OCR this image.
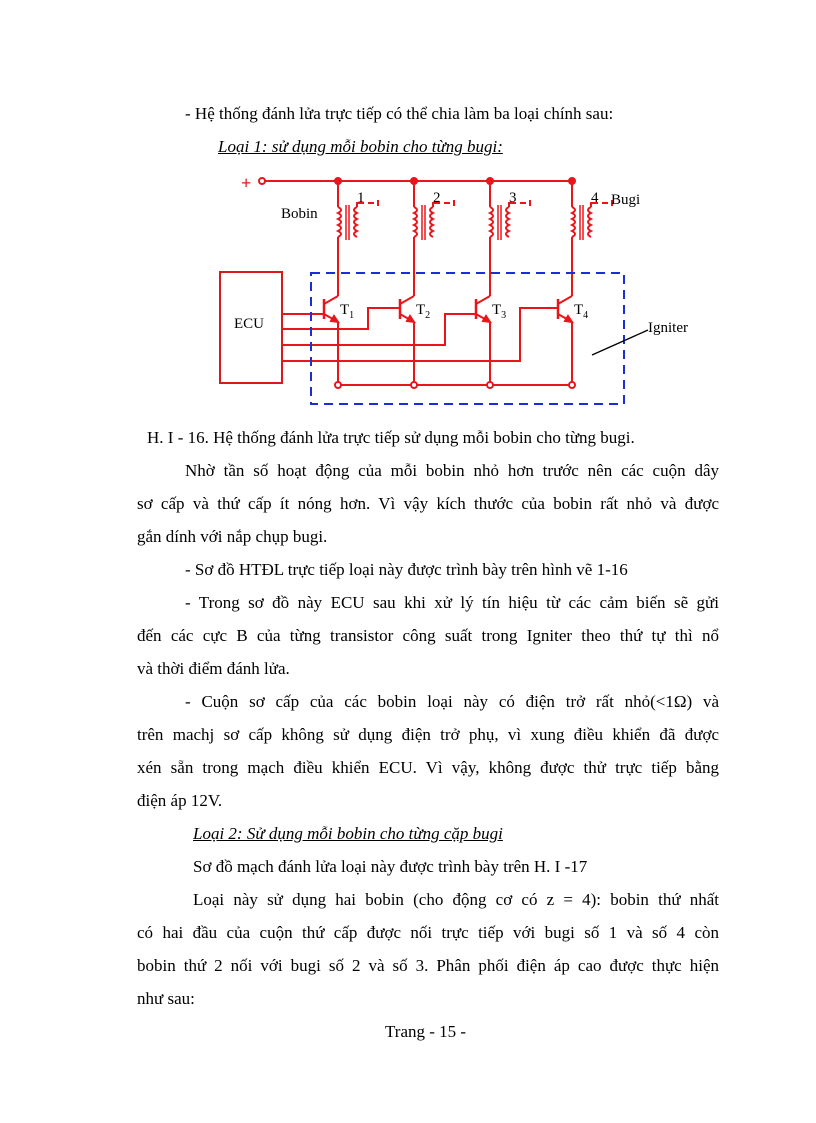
- Hệ thống đánh lửa trực tiếp có thể chia làm ba loại chính sau:
Loại 1: sử dụng mỗi bobin cho từng bugi:
+
Bobin
Bugi
ECU	Igniter
1
$T_1$
2
$T_2$
3
$T_3$
4
$T_4$
H. I - 16. Hệ thống đánh lửa trực tiếp sử dụng mỗi bobin cho từng bugi.
Nhờ tần số hoạt động của mỗi bobin nhỏ hơn trước nên các cuộn dây
sơ cấp và thứ cấp ít nóng hơn. Vì vậy kích thước của bobin rất nhỏ và được
gắn dính với nắp chụp bugi.
- Sơ đồ HTĐL trực tiếp loại này được trình bày trên hình vẽ 1-16
- Trong sơ đồ này ECU sau khi xử lý tín hiệu từ các cảm biến sẽ gửi
đến các cực B của từng transistor công suất trong Igniter theo thứ tự thì nổ
và thời điểm đánh lửa.
- Cuộn sơ cấp của các bobin loại này có điện trở rất nhỏ(<1Ω) và
trên machj sơ cấp không sử dụng điện trở phụ, vì xung điều khiển đã được
xén sẵn trong mạch điều khiển ECU. Vì vậy, không được thử trực tiếp bằng
điện áp 12V.
Loại 2: Sử dụng mỗi bobin cho từng cặp bugi
Sơ đồ mạch đánh lửa loại này được trình bày trên H. I -17
Loại này sử dụng hai bobin (cho động cơ có z = 4): bobin thứ nhất
có hai đầu của cuộn thứ cấp được nối trực tiếp với bugi số 1 và số 4 còn
bobin thứ 2 nối với bugi số 2 và số 3. Phân phối điện áp cao được thực hiện
như sau:
Trang - 15 -
